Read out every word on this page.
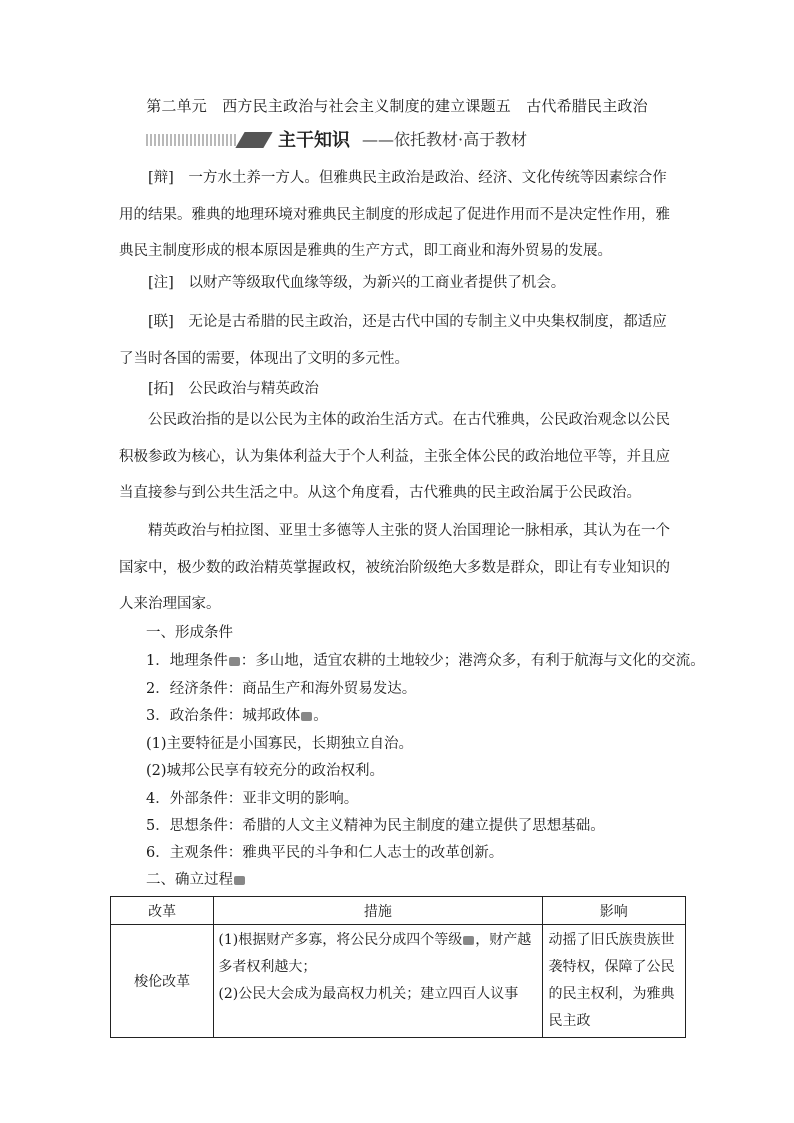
第二单元　西方民主政治与社会主义制度的建立课题五　古代希腊民主政治
主干知识 ——依托教材·高于教材
[辩]　一方水土养一方人。但雅典民主政治是政治、经济、文化传统等因素综合作用的结果。雅典的地理环境对雅典民主制度的形成起了促进作用而不是决定性作用，雅典民主制度形成的根本原因是雅典的生产方式，即工商业和海外贸易的发展。
[注]　以财产等级取代血缘等级，为新兴的工商业者提供了机会。
[联]　无论是古希腊的民主政治，还是古代中国的专制主义中央集权制度，都适应了当时各国的需要，体现出了文明的多元性。
[拓]　公民政治与精英政治
公民政治指的是以公民为主体的政治生活方式。在古代雅典，公民政治观念以公民积极参政为核心，认为集体利益大于个人利益，主张全体公民的政治地位平等，并且应当直接参与到公共生活之中。从这个角度看，古代雅典的民主政治属于公民政治。
精英政治与柏拉图、亚里士多德等人主张的贤人治国理论一脉相承，其认为在一个国家中，极少数的政治精英掌握政权，被统治阶级绝大多数是群众，即让有专业知识的人来治理国家。
一、形成条件
1．地理条件 ：多山地，适宜农耕的土地较少；港湾众多，有利于航海与文化的交流。
2．经济条件：商品生产和海外贸易发达。
3．政治条件：城邦政体 。
(1)主要特征是小国寡民，长期独立自治。
(2)城邦公民享有较充分的政治权利。
4．外部条件：亚非文明的影响。
5．思想条件：希腊的人文主义精神为民主制度的建立提供了思想基础。
6．主观条件：雅典平民的斗争和仁人志士的改革创新。
二、确立过程
改革	措施	影响
梭伦改革	(1)根据财产多寡，将公民分成四个等级 ，财产越多者权利越大；
(2)公民大会成为最高权力机关；建立四百人议事	动摇了旧氏族贵族世袭特权，保障了公民的民主权利，为雅典民主政
